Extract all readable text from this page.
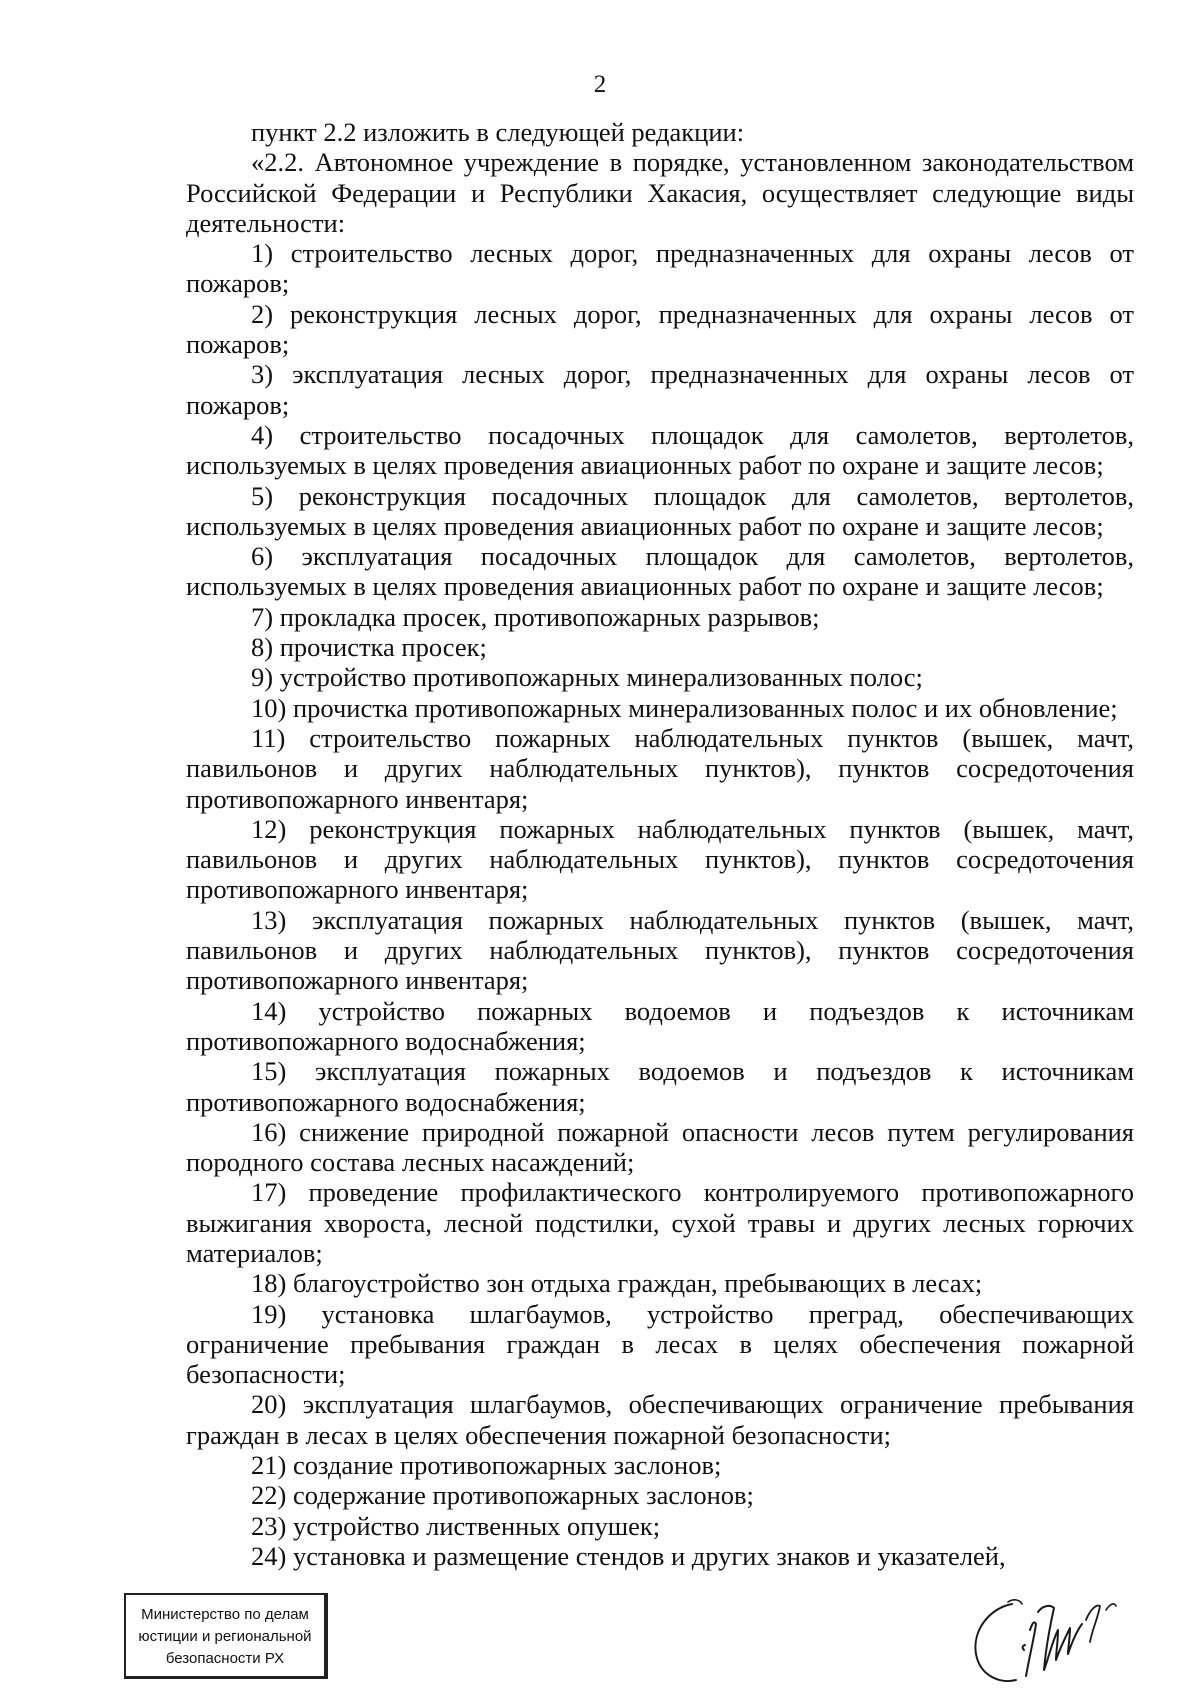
2

пункт 2.2 изложить в следующей редакции:

«2.2. Автономное учреждение в порядке, установленном законодательством Российской Федерации и Республики Хакасия, осуществляет следующие виды деятельности:

1) строительство лесных дорог, предназначенных для охраны лесов от пожаров;

2) реконструкция лесных дорог, предназначенных для охраны лесов от пожаров;

3) эксплуатация лесных дорог, предназначенных для охраны лесов от пожаров;

4) строительство посадочных площадок для самолетов, вертолетов, используемых в целях проведения авиационных работ по охране и защите лесов;

5) реконструкция посадочных площадок для самолетов, вертолетов, используемых в целях проведения авиационных работ по охране и защите лесов;

6) эксплуатация посадочных площадок для самолетов, вертолетов, используемых в целях проведения авиационных работ по охране и защите лесов;

7) прокладка просек, противопожарных разрывов;

8) прочистка просек;

9) устройство противопожарных минерализованных полос;

10) прочистка противопожарных минерализованных полос и их обновление;

11) строительство пожарных наблюдательных пунктов (вышек, мачт, павильонов и других наблюдательных пунктов), пунктов сосредоточения противопожарного инвентаря;

12) реконструкция пожарных наблюдательных пунктов (вышек, мачт, павильонов и других наблюдательных пунктов), пунктов сосредоточения противопожарного инвентаря;

13) эксплуатация пожарных наблюдательных пунктов (вышек, мачт, павильонов и других наблюдательных пунктов), пунктов сосредоточения противопожарного инвентаря;

14) устройство пожарных водоемов и подъездов к источникам противопожарного водоснабжения;

15) эксплуатация пожарных водоемов и подъездов к источникам противопожарного водоснабжения;

16) снижение природной пожарной опасности лесов путем регулирования породного состава лесных насаждений;

17) проведение профилактического контролируемого противопожарного выжигания хвороста, лесной подстилки, сухой травы и других лесных горючих материалов;

18) благоустройство зон отдыха граждан, пребывающих в лесах;

19) установка шлагбаумов, устройство преград, обеспечивающих ограничение пребывания граждан в лесах в целях обеспечения пожарной безопасности;

20) эксплуатация шлагбаумов, обеспечивающих ограничение пребывания граждан в лесах в целях обеспечения пожарной безопасности;

21) создание противопожарных заслонов;

22) содержание противопожарных заслонов;

23) устройство лиственных опушек;

24) установка и размещение стендов и других знаков и указателей,

Министерство по делам
юстиции и региональной
безопасности РХ
